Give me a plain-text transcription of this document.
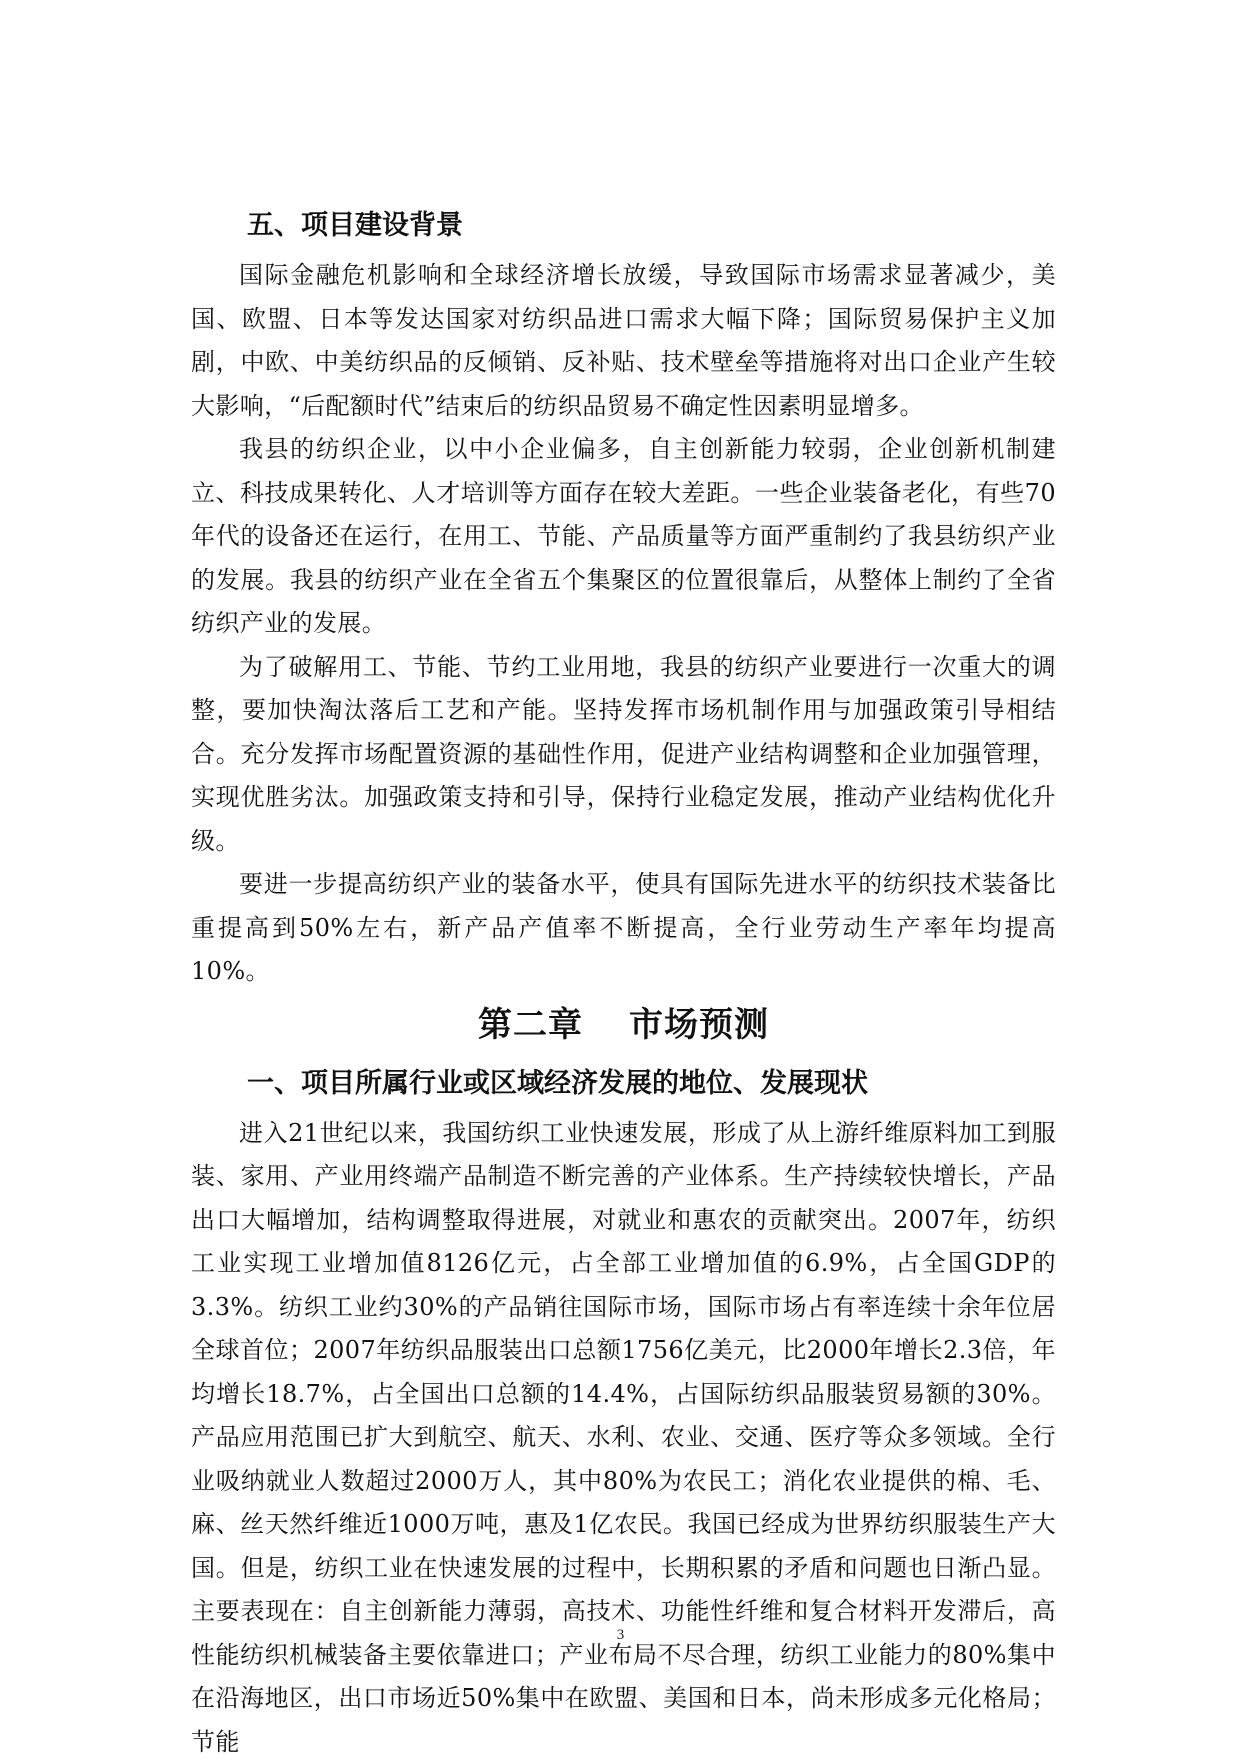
五、项目建设背景

国际金融危机影响和全球经济增长放缓，导致国际市场需求显著减少，美国、欧盟、日本等发达国家对纺织品进口需求大幅下降；国际贸易保护主义加剧，中欧、中美纺织品的反倾销、反补贴、技术壁垒等措施将对出口企业产生较大影响，“后配额时代”结束后的纺织品贸易不确定性因素明显增多。

我县的纺织企业，以中小企业偏多，自主创新能力较弱，企业创新机制建立、科技成果转化、人才培训等方面存在较大差距。一些企业装备老化，有些70年代的设备还在运行，在用工、节能、产品质量等方面严重制约了我县纺织产业的发展。我县的纺织产业在全省五个集聚区的位置很靠后，从整体上制约了全省纺织产业的发展。

为了破解用工、节能、节约工业用地，我县的纺织产业要进行一次重大的调整，要加快淘汰落后工艺和产能。坚持发挥市场机制作用与加强政策引导相结合。充分发挥市场配置资源的基础性作用，促进产业结构调整和企业加强管理，实现优胜劣汰。加强政策支持和引导，保持行业稳定发展，推动产业结构优化升级。

要进一步提高纺织产业的装备水平，使具有国际先进水平的纺织技术装备比重提高到50%左右，新产品产值率不断提高，全行业劳动生产率年均提高10%。

第二章 市场预测
一、项目所属行业或区域经济发展的地位、发展现状

进入21世纪以来，我国纺织工业快速发展，形成了从上游纤维原料加工到服装、家用、产业用终端产品制造不断完善的产业体系。生产持续较快增长，产品出口大幅增加，结构调整取得进展，对就业和惠农的贡献突出。2007年，纺织工业实现工业增加值8126亿元，占全部工业增加值的6.9%，占全国GDP的3.3%。纺织工业约30%的产品销往国际市场，国际市场占有率连续十余年位居全球首位；2007年纺织品服装出口总额1756亿美元，比2000年增长2.3倍，年均增长18.7%，占全国出口总额的14.4%，占国际纺织品服装贸易额的30%。产品应用范围已扩大到航空、航天、水利、农业、交通、医疗等众多领域。全行业吸纳就业人数超过2000万人，其中80%为农民工；消化农业提供的棉、毛、麻、丝天然纤维近1000万吨，惠及1亿农民。我国已经成为世界纺织服装生产大国。但是，纺织工业在快速发展的过程中，长期积累的矛盾和问题也日渐凸显。主要表现在：自主创新能力薄弱，高技术、功能性纤维和复合材料开发滞后，高性能纺织机械装备主要依靠进口；产业布局不尽合理，纺织工业能力的80%集中在沿海地区，出口市场近50%集中在欧盟、美国和日本，尚未形成多元化格局；节能

3
